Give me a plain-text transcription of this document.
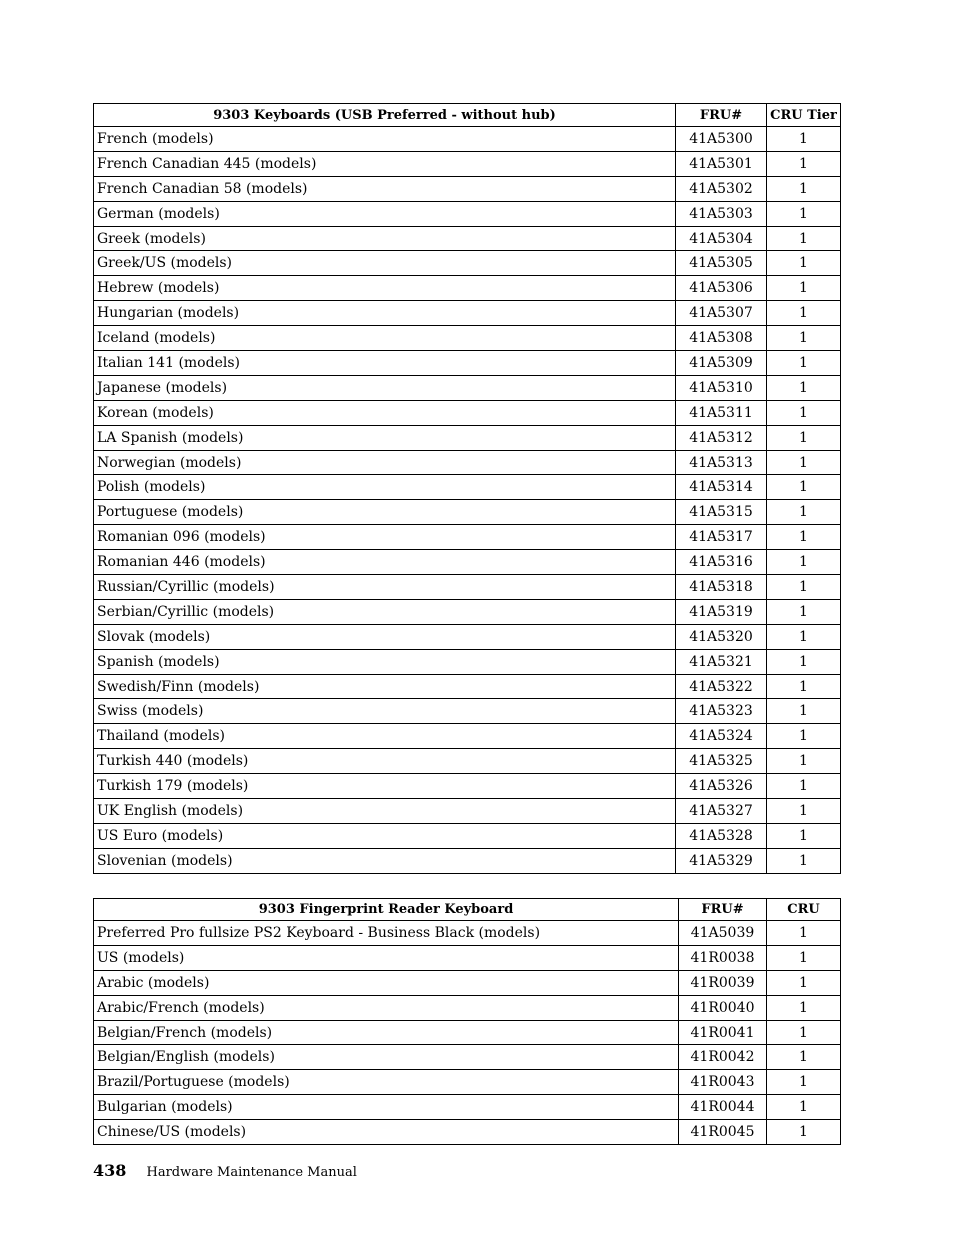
9303 Keyboards (USB Preferred - without hub)	FRU#	CRU Tier
French (models)	41A5300	1
French Canadian 445 (models)	41A5301	1
French Canadian 58 (models)	41A5302	1
German (models)	41A5303	1
Greek (models)	41A5304	1
Greek/US (models)	41A5305	1
Hebrew (models)	41A5306	1
Hungarian (models)	41A5307	1
Iceland (models)	41A5308	1
Italian 141 (models)	41A5309	1
Japanese (models)	41A5310	1
Korean (models)	41A5311	1
LA Spanish (models)	41A5312	1
Norwegian (models)	41A5313	1
Polish (models)	41A5314	1
Portuguese (models)	41A5315	1
Romanian 096 (models)	41A5317	1
Romanian 446 (models)	41A5316	1
Russian/Cyrillic (models)	41A5318	1
Serbian/Cyrillic (models)	41A5319	1
Slovak (models)	41A5320	1
Spanish (models)	41A5321	1
Swedish/Finn (models)	41A5322	1
Swiss (models)	41A5323	1
Thailand (models)	41A5324	1
Turkish 440 (models)	41A5325	1
Turkish 179 (models)	41A5326	1
UK English (models)	41A5327	1
US Euro (models)	41A5328	1
Slovenian (models)	41A5329	1
9303 Fingerprint Reader Keyboard	FRU#	CRU
Preferred Pro fullsize PS2 Keyboard - Business Black (models)	41A5039	1
US (models)	41R0038	1
Arabic (models)	41R0039	1
Arabic/French (models)	41R0040	1
Belgian/French (models)	41R0041	1
Belgian/English (models)	41R0042	1
Brazil/Portuguese (models)	41R0043	1
Bulgarian (models)	41R0044	1
Chinese/US (models)	41R0045	1
438 Hardware Maintenance Manual
